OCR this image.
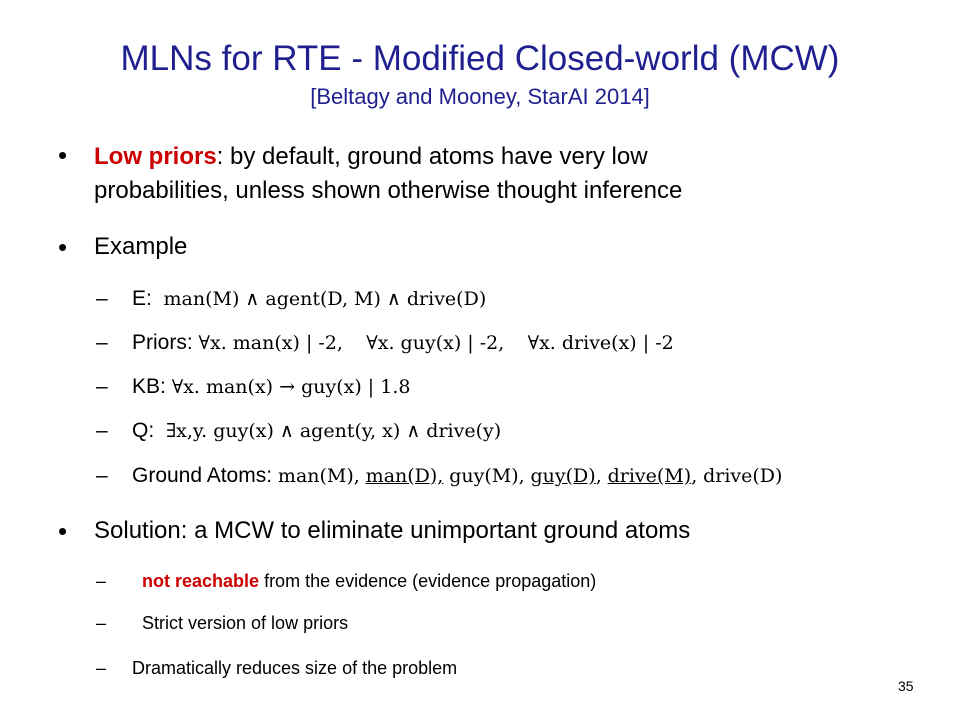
MLNs for RTE - Modified Closed-world (MCW)
[Beltagy and Mooney, StarAI 2014]
• Low priors: by default, ground atoms have very low
probabilities, unless shown otherwise thought inference
• Example
– E: man(M) ∧ agent(D, M) ∧ drive(D)
– Priors: ∀x. man(x) | -2, ∀x. guy(x) | -2, ∀x. drive(x) | -2
– KB: ∀x. man(x) → guy(x) | 1.8
– Q: ∃x,y. guy(x) ∧ agent(y, x) ∧ drive(y)
– Ground Atoms: man(M), man(D), guy(M), guy(D), drive(M), drive(D)
• Solution: a MCW to eliminate unimportant ground atoms
– not reachable from the evidence (evidence propagation)
– Strict version of low priors
– Dramatically reduces size of the problem
35
